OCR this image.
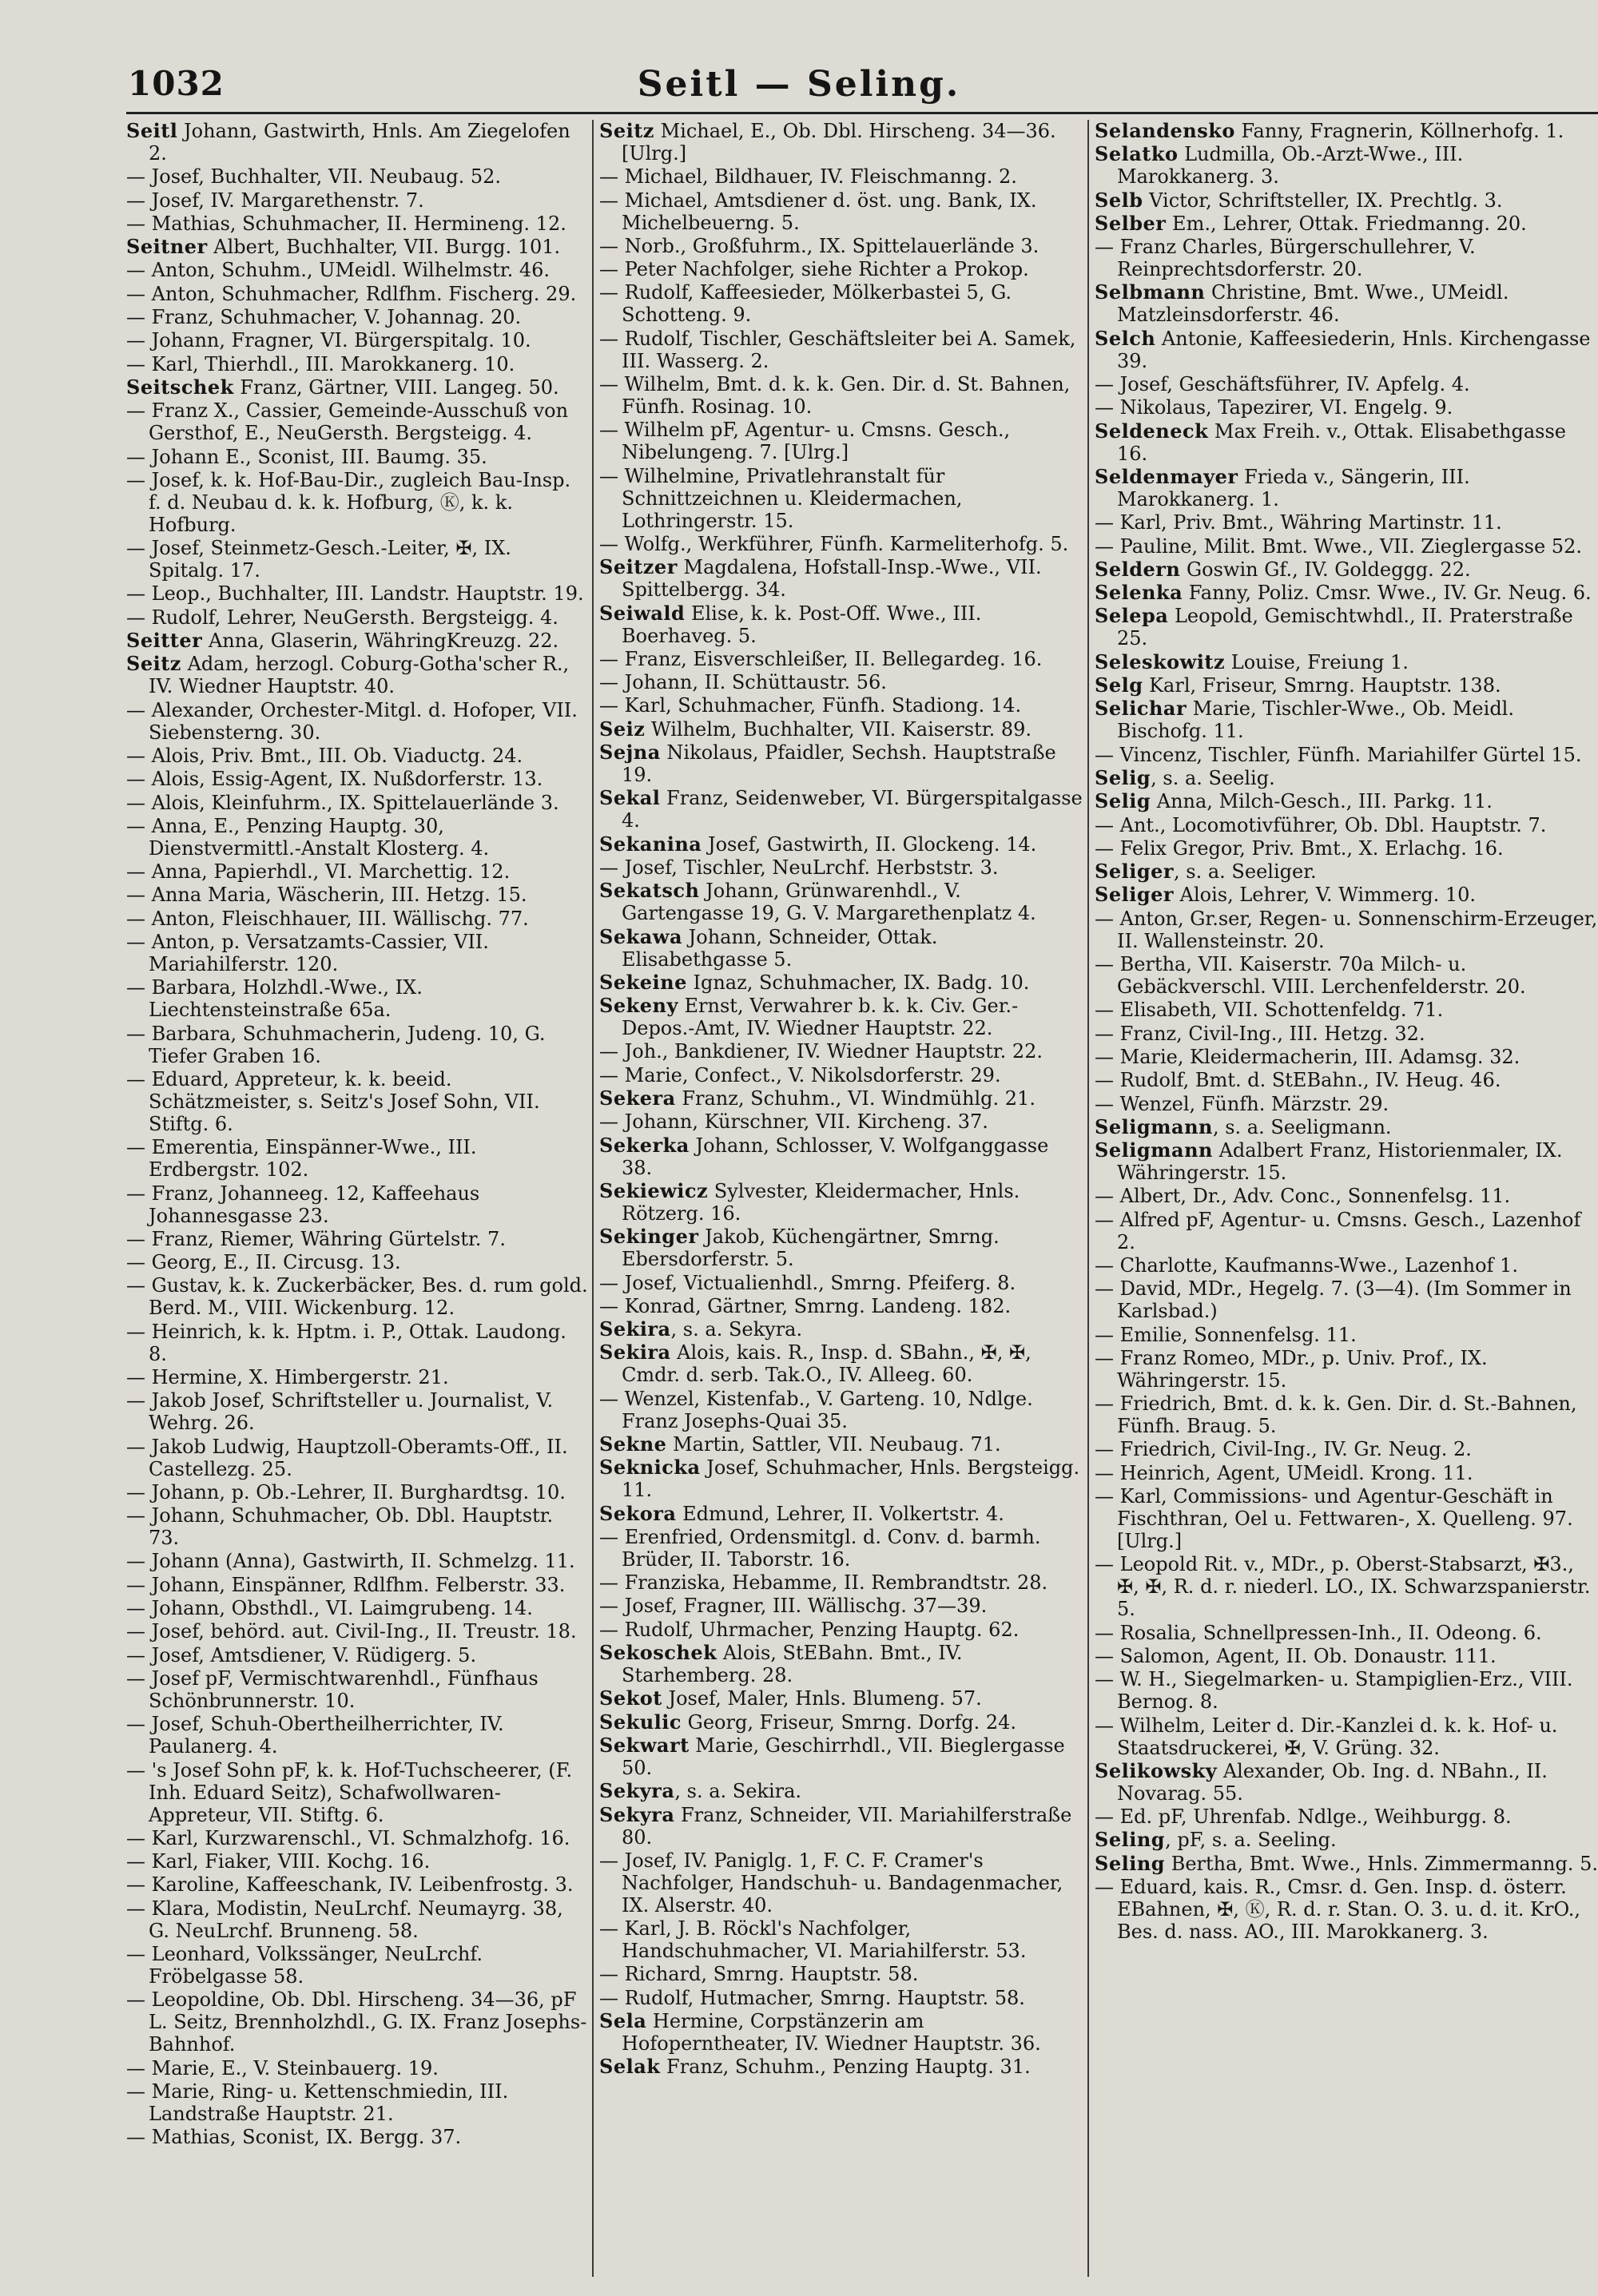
1032	Seitl — Seling.
Seitl Johann, Gastwirth, Hnls. Am Ziegelofen 2.
— Josef, Buchhalter, VII. Neubaug. 52.
— Josef, IV. Margarethenstr. 7.
— Mathias, Schuhmacher, II. Hermineng. 12.
Seitner Albert, Buchhalter, VII. Burgg. 101.
— Anton, Schuhm., UMeidl. Wilhelmstr. 46.
— Anton, Schuhmacher, Rdlfhm. Fischerg. 29.
— Franz, Schuhmacher, V. Johannag. 20.
— Johann, Fragner, VI. Bürgerspitalg. 10.
— Karl, Thierhdl., III. Marokkanerg. 10.
Seitschek Franz, Gärtner, VIII. Langeg. 50.
— Franz X., Cassier, Gemeinde-Ausschuß von Gersthof, E., NeuGersth. Bergsteigg. 4.
— Johann E., Sconist, III. Baumg. 35.
— Josef, k. k. Hof-Bau-Dir., zugleich Bau-Insp. f. d. Neubau d. k. k. Hofburg, Ⓚ, k. k. Hofburg.
— Josef, Steinmetz-Gesch.-Leiter, ✠, IX. Spitalg. 17.
— Leop., Buchhalter, III. Landstr. Hauptstr. 19.
— Rudolf, Lehrer, NeuGersth. Bergsteigg. 4.
Seitter Anna, Glaserin, WähringKreuzg. 22.
Seitz Adam, herzogl. Coburg-Gotha'scher R., IV. Wiedner Hauptstr. 40.
— Alexander, Orchester-Mitgl. d. Hofoper, VII. Siebensterng. 30.
— Alois, Priv. Bmt., III. Ob. Viaductg. 24.
— Alois, Essig-Agent, IX. Nußdorferstr. 13.
— Alois, Kleinfuhrm., IX. Spittelauerlände 3.
— Anna, E., Penzing Hauptg. 30, Dienstvermittl.-Anstalt Klosterg. 4.
— Anna, Papierhdl., VI. Marchettig. 12.
— Anna Maria, Wäscherin, III. Hetzg. 15.
— Anton, Fleischhauer, III. Wällischg. 77.
— Anton, p. Versatzamts-Cassier, VII. Mariahilferstr. 120.
— Barbara, Holzhdl.-Wwe., IX. Liechtensteinstraße 65a.
— Barbara, Schuhmacherin, Judeng. 10, G. Tiefer Graben 16.
— Eduard, Appreteur, k. k. beeid. Schätzmeister, s. Seitz's Josef Sohn, VII. Stiftg. 6.
— Emerentia, Einspänner-Wwe., III. Erdbergstr. 102.
— Franz, Johanneeg. 12, Kaffeehaus Johannesgasse 23.
— Franz, Riemer, Währing Gürtelstr. 7.
— Georg, E., II. Circusg. 13.
— Gustav, k. k. Zuckerbäcker, Bes. d. rum gold. Berd. M., VIII. Wickenburg. 12.
— Heinrich, k. k. Hptm. i. P., Ottak. Laudong. 8.
— Hermine, X. Himbergerstr. 21.
— Jakob Josef, Schriftsteller u. Journalist, V. Wehrg. 26.
— Jakob Ludwig, Hauptzoll-Oberamts-Off., II. Castellezg. 25.
— Johann, p. Ob.-Lehrer, II. Burghardtsg. 10.
— Johann, Schuhmacher, Ob. Dbl. Hauptstr. 73.
— Johann (Anna), Gastwirth, II. Schmelzg. 11.
— Johann, Einspänner, Rdlfhm. Felberstr. 33.
— Johann, Obsthdl., VI. Laimgrubeng. 14.
— Josef, behörd. aut. Civil-Ing., II. Treustr. 18.
— Josef, Amtsdiener, V. Rüdigerg. 5.
— Josef pF, Vermischtwarenhdl., Fünfhaus Schönbrunnerstr. 10.
— Josef, Schuh-Obertheilherrichter, IV. Paulanerg. 4.
— 's Josef Sohn pF, k. k. Hof-Tuchscheerer, (F. Inh. Eduard Seitz), Schafwollwaren-Appreteur, VII. Stiftg. 6.
— Karl, Kurzwarenschl., VI. Schmalzhofg. 16.
— Karl, Fiaker, VIII. Kochg. 16.
— Karoline, Kaffeeschank, IV. Leibenfrostg. 3.
— Klara, Modistin, NeuLrchf. Neumayrg. 38, G. NeuLrchf. Brunneng. 58.
— Leonhard, Volkssänger, NeuLrchf. Fröbelgasse 58.
— Leopoldine, Ob. Dbl. Hirscheng. 34—36, pF L. Seitz, Brennholzhdl., G. IX. Franz Josephs-Bahnhof.
— Marie, E., V. Steinbauerg. 19.
— Marie, Ring- u. Kettenschmiedin, III. Landstraße Hauptstr. 21.
— Mathias, Sconist, IX. Bergg. 37.
Seitz Michael, E., Ob. Dbl. Hirscheng. 34—36. [Ulrg.]
— Michael, Bildhauer, IV. Fleischmanng. 2.
— Michael, Amtsdiener d. öst. ung. Bank, IX. Michelbeuerng. 5.
— Norb., Großfuhrm., IX. Spittelauerlände 3.
— Peter Nachfolger, siehe Richter a Prokop.
— Rudolf, Kaffeesieder, Mölkerbastei 5, G. Schotteng. 9.
— Rudolf, Tischler, Geschäftsleiter bei A. Samek, III. Wasserg. 2.
— Wilhelm, Bmt. d. k. k. Gen. Dir. d. St. Bahnen, Fünfh. Rosinag. 10.
— Wilhelm pF, Agentur- u. Cmsns. Gesch., Nibelungeng. 7. [Ulrg.]
— Wilhelmine, Privatlehranstalt für Schnittzeichnen u. Kleidermachen, Lothringerstr. 15.
— Wolfg., Werkführer, Fünfh. Karmeliterhofg. 5.
Seitzer Magdalena, Hofstall-Insp.-Wwe., VII. Spittelbergg. 34.
Seiwald Elise, k. k. Post-Off. Wwe., III. Boerhaveg. 5.
— Franz, Eisverschleißer, II. Bellegardeg. 16.
— Johann, II. Schüttaustr. 56.
— Karl, Schuhmacher, Fünfh. Stadiong. 14.
Seiz Wilhelm, Buchhalter, VII. Kaiserstr. 89.
Sejna Nikolaus, Pfaidler, Sechsh. Hauptstraße 19.
Sekal Franz, Seidenweber, VI. Bürgerspitalgasse 4.
Sekanina Josef, Gastwirth, II. Glockeng. 14.
— Josef, Tischler, NeuLrchf. Herbststr. 3.
Sekatsch Johann, Grünwarenhdl., V. Gartengasse 19, G. V. Margarethenplatz 4.
Sekawa Johann, Schneider, Ottak. Elisabethgasse 5.
Sekeine Ignaz, Schuhmacher, IX. Badg. 10.
Sekeny Ernst, Verwahrer b. k. k. Civ. Ger.-Depos.-Amt, IV. Wiedner Hauptstr. 22.
— Joh., Bankdiener, IV. Wiedner Hauptstr. 22.
— Marie, Confect., V. Nikolsdorferstr. 29.
Sekera Franz, Schuhm., VI. Windmühlg. 21.
— Johann, Kürschner, VII. Kircheng. 37.
Sekerka Johann, Schlosser, V. Wolfganggasse 38.
Sekiewicz Sylvester, Kleidermacher, Hnls. Rötzerg. 16.
Sekinger Jakob, Küchengärtner, Smrng. Ebersdorferstr. 5.
— Josef, Victualienhdl., Smrng. Pfeiferg. 8.
— Konrad, Gärtner, Smrng. Landeng. 182.
Sekira, s. a. Sekyra.
Sekira Alois, kais. R., Insp. d. SBahn., ✠, ✠, Cmdr. d. serb. Tak.O., IV. Alleeg. 60.
— Wenzel, Kistenfab., V. Garteng. 10, Ndlge. Franz Josephs-Quai 35.
Sekne Martin, Sattler, VII. Neubaug. 71.
Seknicka Josef, Schuhmacher, Hnls. Bergsteigg. 11.
Sekora Edmund, Lehrer, II. Volkertstr. 4.
— Erenfried, Ordensmitgl. d. Conv. d. barmh. Brüder, II. Taborstr. 16.
— Franziska, Hebamme, II. Rembrandtstr. 28.
— Josef, Fragner, III. Wällischg. 37—39.
— Rudolf, Uhrmacher, Penzing Hauptg. 62.
Sekoschek Alois, StEBahn. Bmt., IV. Starhemberg. 28.
Sekot Josef, Maler, Hnls. Blumeng. 57.
Sekulic Georg, Friseur, Smrng. Dorfg. 24.
Sekwart Marie, Geschirrhdl., VII. Bieglergasse 50.
Sekyra, s. a. Sekira.
Sekyra Franz, Schneider, VII. Mariahilferstraße 80.
— Josef, IV. Paniglg. 1, F. C. F. Cramer's Nachfolger, Handschuh- u. Bandagenmacher, IX. Alserstr. 40.
— Karl, J. B. Röckl's Nachfolger, Handschuhmacher, VI. Mariahilferstr. 53.
— Richard, Smrng. Hauptstr. 58.
— Rudolf, Hutmacher, Smrng. Hauptstr. 58.
Sela Hermine, Corpstänzerin am Hofoperntheater, IV. Wiedner Hauptstr. 36.
Selak Franz, Schuhm., Penzing Hauptg. 31.
Selandensko Fanny, Fragnerin, Köllnerhofg. 1.
Selatko Ludmilla, Ob.-Arzt-Wwe., III. Marokkanerg. 3.
Selb Victor, Schriftsteller, IX. Prechtlg. 3.
Selber Em., Lehrer, Ottak. Friedmanng. 20.
— Franz Charles, Bürgerschullehrer, V. Reinprechtsdorferstr. 20.
Selbmann Christine, Bmt. Wwe., UMeidl. Matzleinsdorferstr. 46.
Selch Antonie, Kaffeesiederin, Hnls. Kirchengasse 39.
— Josef, Geschäftsführer, IV. Apfelg. 4.
— Nikolaus, Tapezirer, VI. Engelg. 9.
Seldeneck Max Freih. v., Ottak. Elisabethgasse 16.
Seldenmayer Frieda v., Sängerin, III. Marokkanerg. 1.
— Karl, Priv. Bmt., Währing Martinstr. 11.
— Pauline, Milit. Bmt. Wwe., VII. Zieglergasse 52.
Seldern Goswin Gf., IV. Goldeggg. 22.
Selenka Fanny, Poliz. Cmsr. Wwe., IV. Gr. Neug. 6.
Selepa Leopold, Gemischtwhdl., II. Praterstraße 25.
Seleskowitz Louise, Freiung 1.
Selg Karl, Friseur, Smrng. Hauptstr. 138.
Selichar Marie, Tischler-Wwe., Ob. Meidl. Bischofg. 11.
— Vincenz, Tischler, Fünfh. Mariahilfer Gürtel 15.
Selig, s. a. Seelig.
Selig Anna, Milch-Gesch., III. Parkg. 11.
— Ant., Locomotivführer, Ob. Dbl. Hauptstr. 7.
— Felix Gregor, Priv. Bmt., X. Erlachg. 16.
Seliger, s. a. Seeliger.
Seliger Alois, Lehrer, V. Wimmerg. 10.
— Anton, Gr.ser, Regen- u. Sonnenschirm-Erzeuger, II. Wallensteinstr. 20.
— Bertha, VII. Kaiserstr. 70a Milch- u. Gebäckverschl. VIII. Lerchenfelderstr. 20.
— Elisabeth, VII. Schottenfeldg. 71.
— Franz, Civil-Ing., III. Hetzg. 32.
— Marie, Kleidermacherin, III. Adamsg. 32.
— Rudolf, Bmt. d. StEBahn., IV. Heug. 46.
— Wenzel, Fünfh. Märzstr. 29.
Seligmann, s. a. Seeligmann.
Seligmann Adalbert Franz, Historienmaler, IX. Währingerstr. 15.
— Albert, Dr., Adv. Conc., Sonnenfelsg. 11.
— Alfred pF, Agentur- u. Cmsns. Gesch., Lazenhof 2.
— Charlotte, Kaufmanns-Wwe., Lazenhof 1.
— David, MDr., Hegelg. 7. (3—4). (Im Sommer in Karlsbad.)
— Emilie, Sonnenfelsg. 11.
— Franz Romeo, MDr., p. Univ. Prof., IX. Währingerstr. 15.
— Friedrich, Bmt. d. k. k. Gen. Dir. d. St.-Bahnen, Fünfh. Braug. 5.
— Friedrich, Civil-Ing., IV. Gr. Neug. 2.
— Heinrich, Agent, UMeidl. Krong. 11.
— Karl, Commissions- und Agentur-Geschäft in Fischthran, Oel u. Fettwaren-, X. Quelleng. 97. [Ulrg.]
— Leopold Rit. v., MDr., p. Oberst-Stabsarzt, ✠3., ✠, ✠, R. d. r. niederl. LO., IX. Schwarzspanierstr. 5.
— Rosalia, Schnellpressen-Inh., II. Odeong. 6.
— Salomon, Agent, II. Ob. Donaustr. 111.
— W. H., Siegelmarken- u. Stampiglien-Erz., VIII. Bernog. 8.
— Wilhelm, Leiter d. Dir.-Kanzlei d. k. k. Hof- u. Staatsdruckerei, ✠, V. Grüng. 32.
Selikowsky Alexander, Ob. Ing. d. NBahn., II. Novarag. 55.
— Ed. pF, Uhrenfab. Ndlge., Weihburgg. 8.
Seling, pF, s. a. Seeling.
Seling Bertha, Bmt. Wwe., Hnls. Zimmermanng. 5.
— Eduard, kais. R., Cmsr. d. Gen. Insp. d. österr. EBahnen, ✠, Ⓚ, R. d. r. Stan. O. 3. u. d. it. KrO., Bes. d. nass. AO., III. Marokkanerg. 3.
